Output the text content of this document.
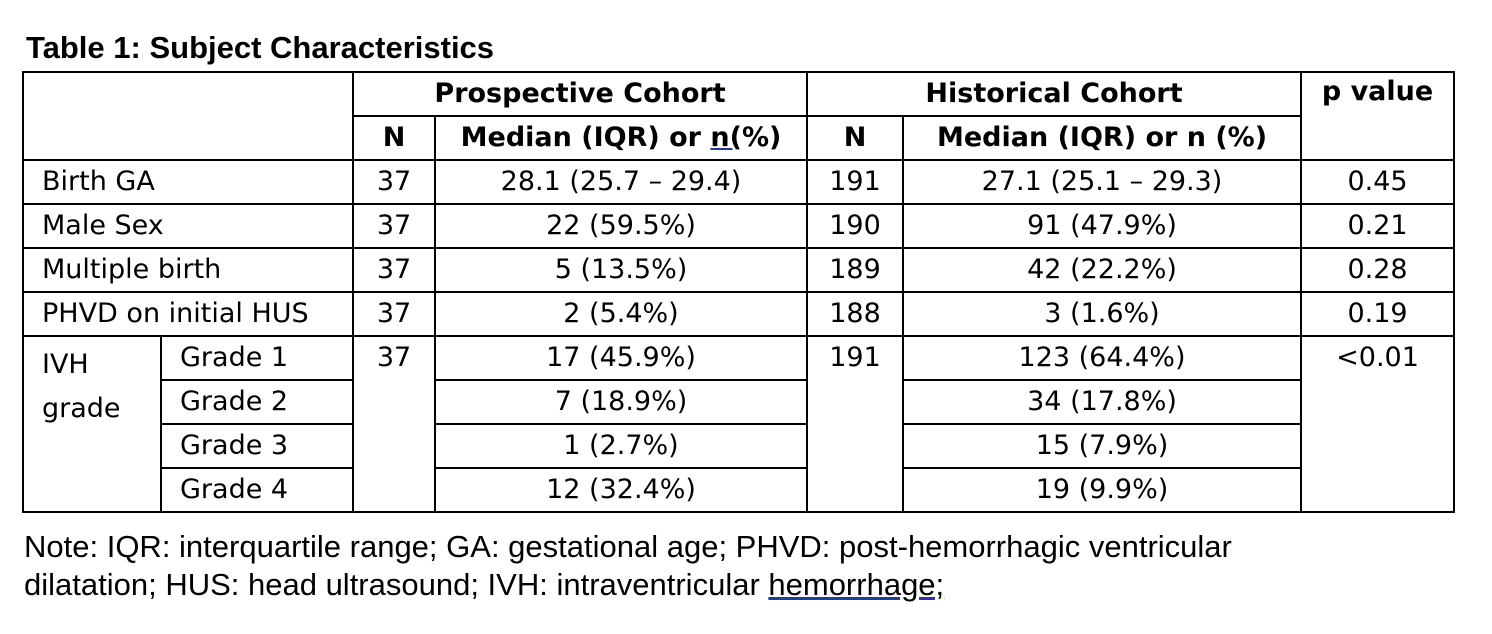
Table 1: Subject Characteristics
		Prospective Cohort		Historical Cohort		p value
		N	Median (IQR) or n(%)	N	Median (IQR) or n (%)	
Birth GA		37	28.1 (25.7 – 29.4)	191	27.1 (25.1 – 29.3)	0.45
Male Sex		37	22 (59.5%)	190	91 (47.9%)	0.21
Multiple birth		37	5 (13.5%)	189	42 (22.2%)	0.28
PHVD on initial HUS		37	2 (5.4%)	188	3 (1.6%)	0.19

IVH
grade	Grade 1	37	17 (45.9%)	191	123 (64.4%)	<0.01
	Grade 2		7 (18.9%)		34 (17.8%)	
	Grade 3		1 (2.7%)		15 (7.9%)	
	Grade 4		12 (32.4%)		19 (9.9%)	
Note: IQR: interquartile range; GA: gestational age; PHVD: post-hemorrhagic ventricular
dilatation; HUS: head ultrasound; IVH: intraventricular hemorrhage;
